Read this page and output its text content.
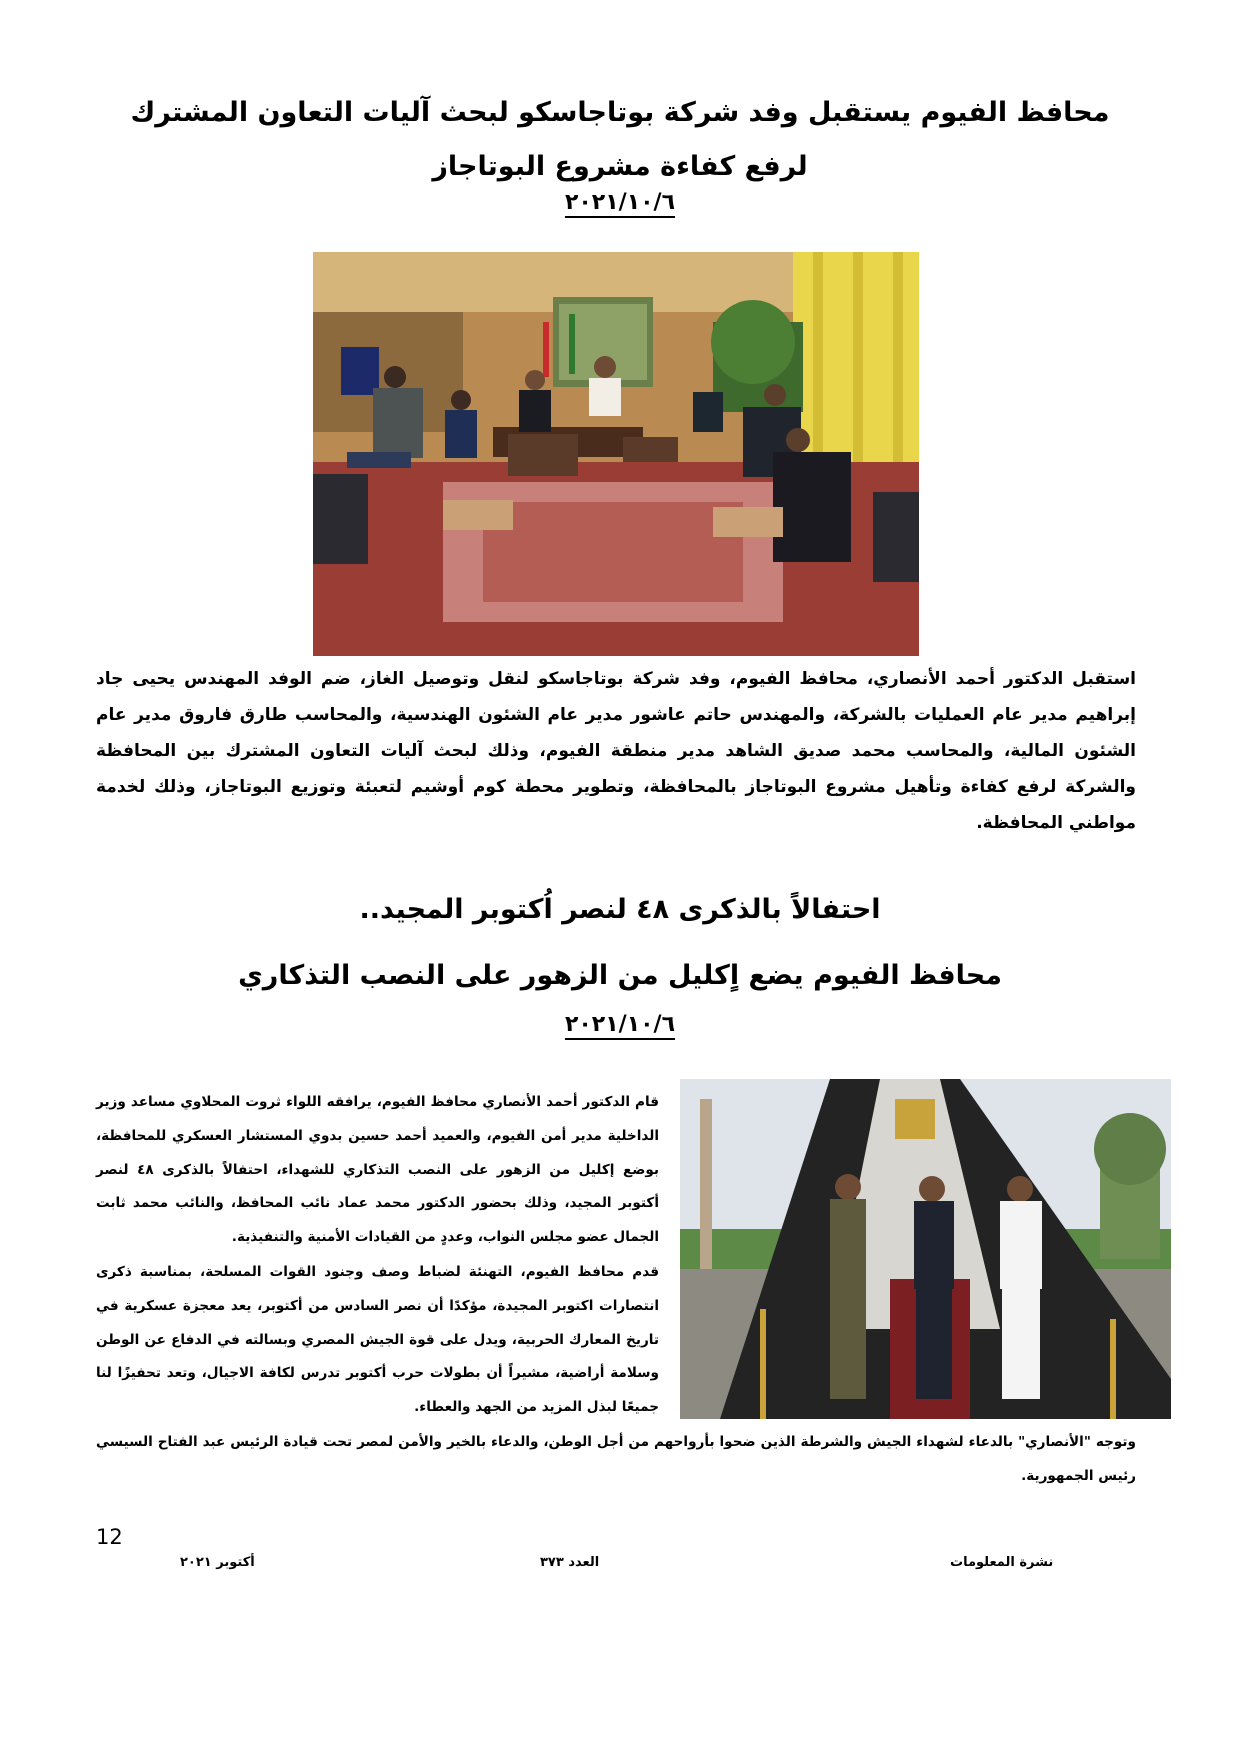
محافظ الفيوم يستقبل وفد شركة بوتاجاسكو لبحث آليات التعاون المشترك لرفع كفاءة مشروع البوتاجاز
٢٠٢١/١٠/٦
استقبل الدكتور أحمد الأنصاري، محافظ الفيوم، وفد شركة بوتاجاسكو لنقل وتوصيل الغاز، ضم الوفد المهندس يحيى جاد إبراهيم مدير عام العمليات بالشركة، والمهندس حاتم عاشور مدير عام الشئون الهندسية، والمحاسب طارق فاروق مدير عام الشئون المالية، والمحاسب محمد صديق الشاهد مدير منطقة الفيوم، وذلك لبحث آليات التعاون المشترك بين المحافظة والشركة لرفع كفاءة وتأهيل مشروع البوتاجاز بالمحافظة، وتطوير محطة كوم أوشيم لتعبئة وتوزيع البوتاجاز، وذلك لخدمة مواطني المحافظة.
احتفالاً بالذكرى ٤٨ لنصر اُكتوبر المجيد..
محافظ الفيوم يضع اٍكليل من الزهور على النصب التذكاري
٢٠٢١/١٠/٦
قام الدكتور أحمد الأنصاري محافظ الفيوم، يرافقه اللواء ثروت المحلاوي مساعد وزير الداخلية مدير أمن الفيوم، والعميد أحمد حسين بدوي المستشار العسكري للمحافظة، بوضع إكليل من الزهور على النصب التذكاري للشهداء، احتفالاً بالذكرى ٤٨ لنصر أكتوبر المجيد، وذلك بحضور الدكتور محمد عماد نائب المحافظ، والنائب محمد ثابت الجمال عضو مجلس النواب، وعددٍ من القيادات الأمنية والتنفيذية.
قدم محافظ الفيوم، التهنئة لضباط وصف وجنود القوات المسلحة، بمناسبة ذكرى انتصارات اكتوبر المجيدة، مؤكدًا أن نصر السادس من أكتوبر، يعد معجزة عسكرية في تاريخ المعارك الحربية، ويدل على قوة الجيش المصري وبسالته في الدفاع عن الوطن وسلامة أراضية، مشيراً أن بطولات حرب أكتوبر تدرس لكافة الاجيال، وتعد تحفيزًا لنا جميعًا لبذل المزيد من الجهد والعطاء.
وتوجه "الأنصاري" بالدعاء لشهداء الجيش والشرطة الذين ضحوا بأرواحهم من أجل الوطن، والدعاء بالخير والأمن لمصر تحت قيادة الرئيس عبد الفتاح السيسي رئيس الجمهورية.
12
نشرة المعلومات
العدد ٣٧٣
أكتوبر ٢٠٢١
